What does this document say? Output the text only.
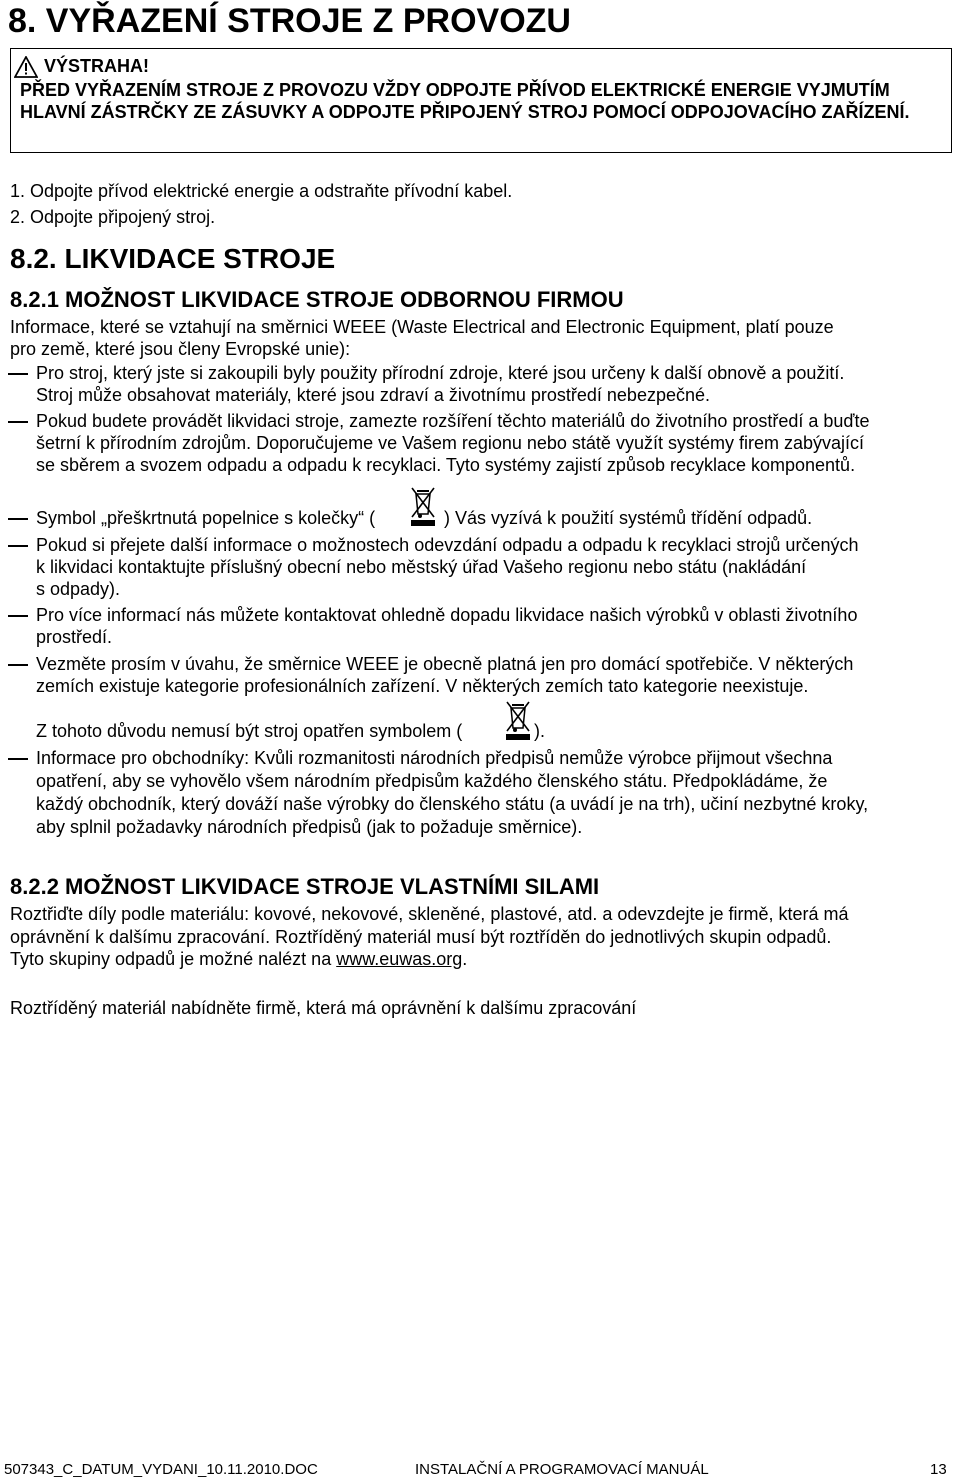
8. VYŘAZENÍ STROJE Z PROVOZU
VÝSTRAHA!
PŘED VYŘAZENÍM STROJE Z PROVOZU VŽDY ODPOJTE PŘÍVOD ELEKTRICKÉ ENERGIE VYJMUTÍM HLAVNÍ ZÁSTRČKY ZE ZÁSUVKY A ODPOJTE PŘIPOJENÝ STROJ POMOCÍ ODPOJOVACÍHO ZAŘÍZENÍ.
1. Odpojte přívod elektrické energie a odstraňte přívodní kabel.
2. Odpojte připojený stroj.
8.2. LIKVIDACE STROJE
8.2.1 MOŽNOST LIKVIDACE STROJE ODBORNOU FIRMOU
Informace, které se vztahují na směrnici WEEE (Waste Electrical and Electronic Equipment, platí pouze
pro země, které jsou členy Evropské unie):
Pro stroj, který jste si zakoupili byly použity přírodní zdroje, které jsou určeny k další obnově a použití.
Stroj může obsahovat materiály, které jsou zdraví a životnímu prostředí nebezpečné.
Pokud budete provádět likvidaci stroje, zamezte rozšíření těchto materiálů do životního prostředí a buďte
šetrní k přírodním zdrojům. Doporučujeme ve Vašem regionu nebo státě využít systémy firem zabývající
se sběrem a svozem odpadu a odpadu k recyklaci. Tyto systémy zajistí způsob recyklace komponentů.
Symbol „přeškrtnutá popelnice s kolečky“ (	) Vás vyzívá k použití systémů třídění odpadů.
Pokud si přejete další informace o možnostech odevzdání odpadu a odpadu k recyklaci strojů určených
k likvidaci kontaktujte příslušný obecní nebo městský úřad Vašeho regionu nebo státu (nakládání
s odpady).
Pro více informací nás můžete kontaktovat ohledně dopadu likvidace našich výrobků v oblasti životního
prostředí.
Vezměte prosím v úvahu, že směrnice WEEE je obecně platná jen pro domácí spotřebiče. V některých
zemích existuje kategorie profesionálních zařízení. V některých zemích tato kategorie neexistuje.
Z tohoto důvodu nemusí být stroj opatřen symbolem (	).
Informace pro obchodníky: Kvůli rozmanitosti národních předpisů nemůže výrobce přijmout všechna
opatření, aby se vyhovělo všem národním předpisům každého členského státu. Předpokládáme, že
každý obchodník, který dováží naše výrobky do členského státu (a uvádí je na trh), učiní nezbytné kroky,
aby splnil požadavky národních předpisů (jak to požaduje směrnice).
8.2.2 MOŽNOST LIKVIDACE STROJE VLASTNÍMI SILAMI
Roztřiďte díly podle materiálu: kovové, nekovové, skleněné, plastové, atd. a odevzdejte je firmě, která má
oprávnění k dalšímu zpracování. Roztříděný materiál musí být roztříděn do jednotlivých skupin odpadů.
Tyto skupiny odpadů je možné nalézt na www.euwas.org.
Roztříděný materiál nabídněte firmě, která má oprávnění k dalšímu zpracování
507343_C_DATUM_VYDANI_10.11.2010.DOC	INSTALAČNÍ A PROGRAMOVACÍ MANUÁL	13
